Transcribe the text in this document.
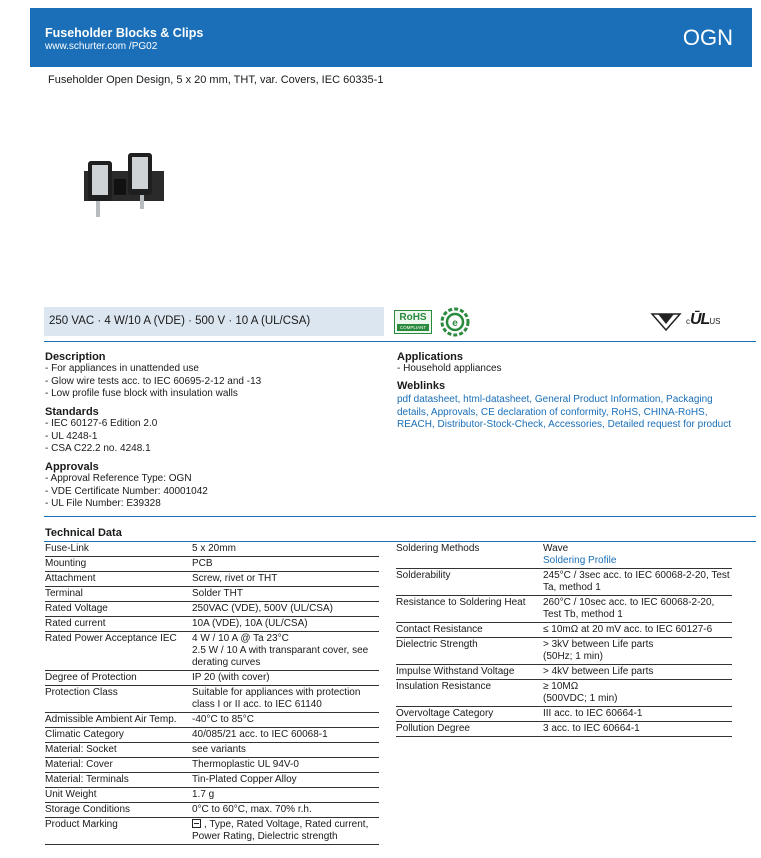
Fuseholder Blocks & Clips
www.schurter.com /PG02	OGN
Fuseholder Open Design, 5 x 20 mm, THT, var. Covers, IEC 60335-1
250 VAC · 4 W/10 A (VDE) · 500 V · 10 A (UL/CSA)	RoHS
COMPLIANT	e	cŪLUS
Description
- For appliances in unattended use
- Glow wire tests acc. to IEC 60695-2-12 and -13
- Low profile fuse block with insulation walls
Standards
- IEC 60127-6 Edition 2.0
- UL 4248-1
- CSA C22.2 no. 4248.1
Approvals
- Approval Reference Type: OGN
- VDE Certificate Number: 40001042
- UL File Number: E39328
Applications
- Household appliances
Weblinks
pdf datasheet, html-datasheet, General Product Information, Packaging details, Approvals, CE declaration of conformity, RoHS, CHINA-RoHS, REACH, Distributor-Stock-Check, Accessories, Detailed request for product
Technical Data
Fuse-Link	5 x 20mm
Mounting	PCB
Attachment	Screw, rivet or THT
Terminal	Solder THT
Rated Voltage	250VAC (VDE), 500V (UL/CSA)
Rated current	10A (VDE), 10A (UL/CSA)
Rated Power Acceptance IEC	4 W / 10 A @ Ta 23°C
2.5 W / 10 A with transparant cover, see derating curves

Degree of Protection	IP 20 (with cover)
Protection Class	Suitable for appliances with protection class I or II acc. to IEC 61140
Admissible Ambient Air Temp.	-40°C to 85°C
Climatic Category	40/085/21 acc. to IEC 60068-1
Material: Socket	see variants
Material: Cover	Thermoplastic UL 94V-0
Material: Terminals	Tin-Plated Copper Alloy
Unit Weight	1.7 g
Storage Conditions	0°C to 60°C, max. 70% r.h.
Product Marking	, Type, Rated Voltage, Rated current, Power Rating, Dielectric strength
Soldering Methods	Wave
Soldering Profile

Solderability	245°C / 3sec acc. to IEC 60068-2-20, Test Ta, method 1
Resistance to Soldering Heat	260°C / 10sec acc. to IEC 60068-2-20, Test Tb, method 1
Contact Resistance	≤ 10mΩ at 20 mV acc. to IEC 60127-6
Dielectric Strength	> 3kV between Life parts
(50Hz; 1 min)

Impulse Withstand Voltage	> 4kV between Life parts
Insulation Resistance	≥ 10MΩ
(500VDC; 1 min)

Overvoltage Category	III acc. to IEC 60664-1
Pollution Degree	3 acc. to IEC 60664-1
